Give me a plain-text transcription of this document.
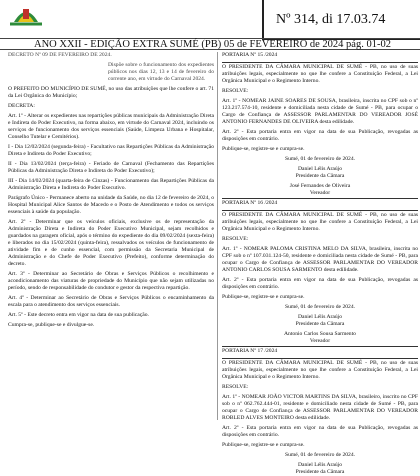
Nº 314, di 17.03.74
ANO XXII - EDIÇÃO EXTRA SUMÉ (PB) 05 de FEVEREIRO de 2024 pág. 01-02

DECRETO Nº 09 DE FEVEREIRO DE 2024.

Dispõe sobre o funcionamento dos expedientes públicos nos dias 12, 13 e 14 de fevereiro do corrente ano, em virtude do Carnaval 2024.

O PREFEITO DO MUNICÍPIO DE SUMÉ, no uso das atribuições que lhe confere o art. 71 da Lei Orgânica do Município;

DECRETA:

Art. 1º - Alterar os expedientes nas repartições públicas municipais da Administração Direta e Indireta do Poder Executivo, na forma abaixo, em virtude do Carnaval 2024, incluindo os serviços de funcionamento dos serviços essenciais (Saúde, Limpeza Urbana e Hospitalar, Conselho Tutelar e Cemitérios).

I - Dia 12/02/2024 (segunda-feira) - Facultativo nas Repartições Públicas da Administração Direta e Indireta do Poder Executivo;

II - Dia 13/02/2024 (terça-feira) - Feriado de Carnaval (Fechamento das Repartições Públicas da Administração Direta e Indireta do Poder Executivo);

III - Dia 14/02/2024 (quarta-feira de Cinzas) - Funcionamento das Repartições Públicas da Administração Direta e Indireta do Poder Executivo.

Parágrafo Único - Permanece aberto na unidade da Saúde, no dia 12 de fevereiro de 2024, o Hospital Municipal Alice Santos de Macedo e o Posto de Atendimento e todos os serviços essenciais à saúde da população.

Art. 2º - Determinar que os veículos oficiais, exclusive os de representação da Administração Direta e Indireta do Poder Executivo Municipal, sejam recolhidos e guardados na garagem oficial, após o término do expediente do dia 09/02/2024 (sexta-feira) e liberados no dia 15/02/2024 (quinta-feira), ressalvados os veículos de funcionamento de atividade fim e de cunho essencial, com permissão da Secretaria Municipal de Administração e do Chefe de Poder Executivo (Prefeito), conforme determinação do decreto.

Art. 3º - Determinar ao Secretário de Obras e Serviços Públicos o recolhimento e acondicionamento das viaturas de propriedade do Município que não sejam utilizadas no período, sendo de responsabilidade do condutor e gestor da respectiva repartição.

Art. 4º - Determinar ao Secretário de Obras e Serviços Públicos o encaminhamento da escala para o atendimento dos serviços essenciais.

Art. 5º - Este decreto entra em vigor na data de sua publicação.

Cumpra-se, publique-se e divulgue-se.

PORTARIA Nº 15 /2024

O PRESIDENTE DA CÂMARA MUNICIPAL DE SUMÉ - PB, no uso de suas atribuições legais, especialmente no que lhe confere a Constituição Federal, a Lei Orgânica Municipal e o Regimento Interno.

RESOLVE:

Art. 1º - NOMEAR JAINE SOARES DE SOUSA, brasileira, inscrita no CPF sob o nº 123.217.574-10, residente e domiciliada nesta cidade de Sumé - PB, para ocupar o Cargo de Confiança de ASSESSOR PARLAMENTAR DO VEREADOR JOSÉ ANTONIO FERNANDES DE OLIVEIRA desta edilidade.

Art. 2º - Esta portaria entra em vigor na data de sua Publicação, revogadas as disposições em contrário.

Publique-se, registre-se e cumpra-se.

Sumé, 01 de fevereiro de 2024.

Daniel Lélis Araújo
Presidente da Câmara
José Fernandes de Oliveira
Vereador

PORTARIA Nº 16 /2024

O PRESIDENTE DA CÂMARA MUNICIPAL DE SUMÉ - PB, no uso de suas atribuições legais, especialmente no que lhe confere a Constituição Federal, a Lei Orgânica Municipal e o Regimento Interno.

RESOLVE:

Art. 1º - NOMEAR PALOMA CRISTINA MELO DA SILVA, brasileira, inscrita no CPF sob o nº 107.031.124-50, residente e domiciliada nesta cidade de Sumé - PB, para ocupar o Cargo de Confiança de ASSESSOR PARLAMENTAR DO VEREADOR ANTONIO CARLOS SOUSA SARMENTO desta edilidade.

Art. 2º - Esta portaria entra em vigor na data de sua Publicação, revogadas as disposições em contrário.

Publique-se, registre-se e cumpra-se.

Sumé, 01 de fevereiro de 2024.

Daniel Lélis Araújo
Presidente da Câmara
Antonio Carlos Sousa Sarmento
Vereador

PORTARIA Nº 17 /2024

O PRESIDENTE DA CÂMARA MUNICIPAL DE SUMÉ - PB, no uso de suas atribuições legais, especialmente no que lhe confere a Constituição Federal, a Lei Orgânica Municipal e o Regimento Interno.

RESOLVE:

Art. 1º - NOMEAR JOÃO VICTOR MARTINS DA SILVA, brasileiro, inscrito no CPF sob o nº 062.762.444-01, residente e domiciliado nesta cidade de Sumé - PB, para ocupar o Cargo de Confiança de ASSESSOR PARLAMENTAR DO VEREADOR ROBLED ALVES MONTEIRO desta edilidade.

Art. 2º - Esta portaria entra em vigor na data de sua Publicação, revogadas as disposições em contrário.

Publique-se, registre-se e cumpra-se.

Sumé, 01 de fevereiro de 2024.

Daniel Lélis Araújo
Presidente da Câmara
